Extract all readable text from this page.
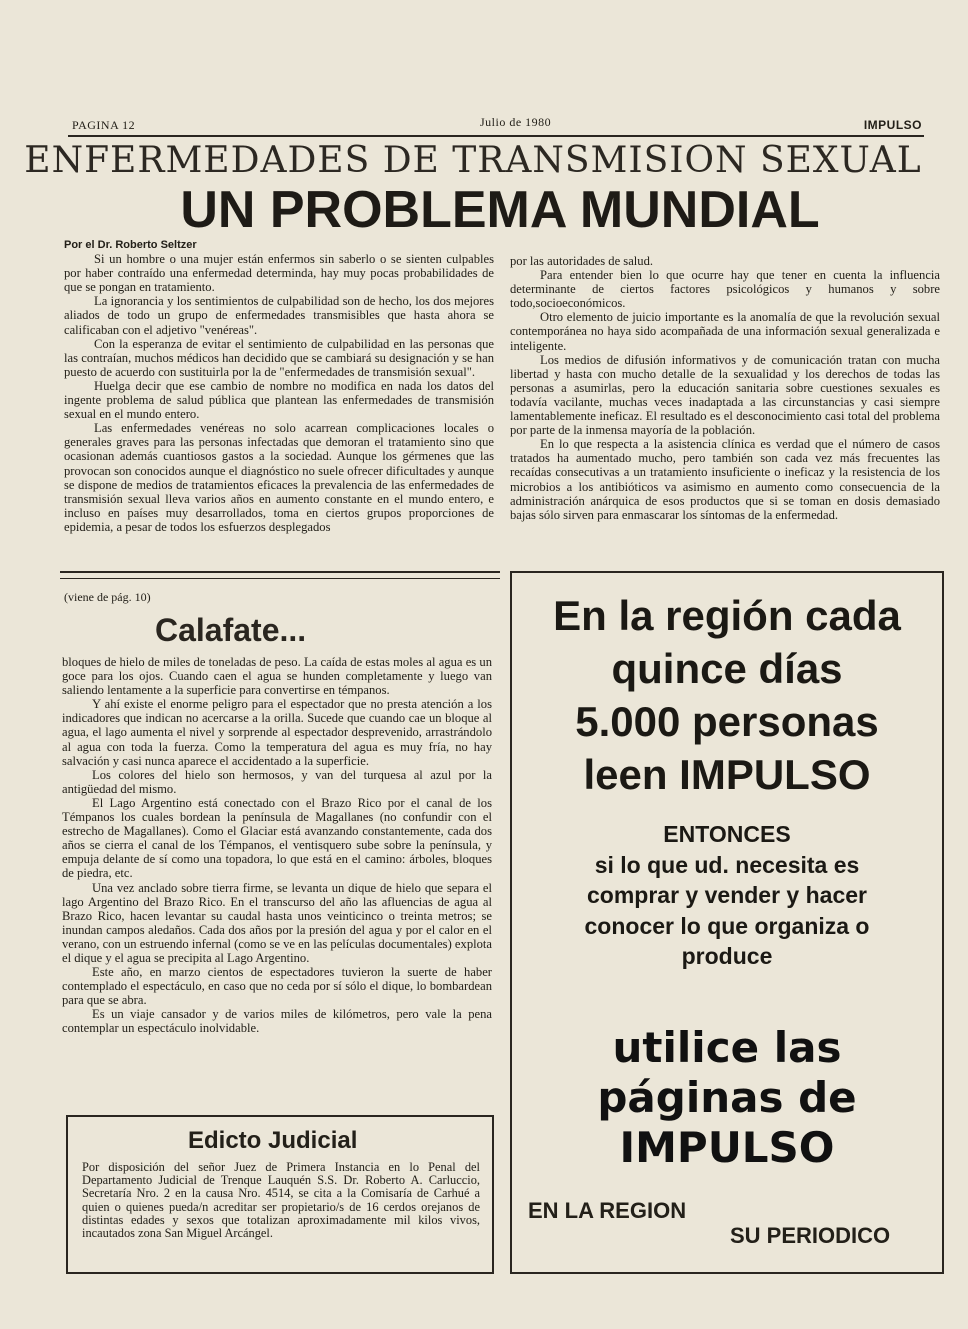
PAGINA 12	Julio de 1980	IMPULSO
ENFERMEDADES DE TRANSMISION SEXUAL
UN PROBLEMA MUNDIAL
Por el Dr. Roberto Seltzer

Si un hombre o una mujer están enfermos sin saberlo o se sienten culpables por haber contraído una enfermedad determinda, hay muy pocas probabilidades de que se pongan en tratamiento.

La ignorancia y los sentimientos de culpabilidad son de hecho, los dos mejores aliados de todo un grupo de enfermedades transmisibles que hasta ahora se calificaban con el adjetivo "venéreas".

Con la esperanza de evitar el sentimiento de culpabilidad en las personas que las contraían, muchos médicos han decidido que se cambiará su designación y se han puesto de acuerdo con sustituirla por la de "enfermedades de transmisión sexual".

Huelga decir que ese cambio de nombre no modifica en nada los datos del ingente problema de salud pública que plantean las enfermedades de transmisión sexual en el mundo entero.

Las enfermedades venéreas no solo acarrean complicaciones locales o generales graves para las personas infectadas que demoran el tratamiento sino que ocasionan además cuantiosos gastos a la sociedad. Aunque los gérmenes que las provocan son conocidos aunque el diagnóstico no suele ofrecer dificultades y aunque se dispone de medios de tratamientos eficaces la prevalencia de las enfermedades de transmisión sexual lleva varios años en aumento constante en el mundo entero, e incluso en países muy desarrollados, toma en ciertos grupos proporciones de epidemia, a pesar de todos los esfuerzos desplegados

por las autoridades de salud.

Para entender bien lo que ocurre hay que tener en cuenta la influencia determinante de ciertos factores psicológicos y humanos y sobre todo,socioeconómicos.

Otro elemento de juicio importante es la anomalía de que la revolución sexual contemporánea no haya sido acompañada de una información sexual generalizada e inteligente.

Los medios de difusión informativos y de comunicación tratan con mucha libertad y hasta con mucho detalle de la sexualidad y los derechos de todas las personas a asumirlas, pero la educación sanitaria sobre cuestiones sexuales es todavía vacilante, muchas veces inadaptada a las circunstancias y casi siempre lamentablemente ineficaz. El resultado es el desconocimiento casi total del problema por parte de la inmensa mayoría de la población.

En lo que respecta a la asistencia clínica es verdad que el número de casos tratados ha aumentado mucho, pero también son cada vez más frecuentes las recaídas consecutivas a un tratamiento insuficiente o ineficaz y la resistencia de los microbios a los antibióticos va asimismo en aumento como consecuencia de la administración anárquica de esos productos que si se toman en dosis demasiado bajas sólo sirven para enmascarar los síntomas de la enfermedad.

(viene de pág. 10)
Calafate...

bloques de hielo de miles de toneladas de peso. La caída de estas moles al agua es un goce para los ojos. Cuando caen el agua se hunden completamente y luego van saliendo lentamente a la superficie para convertirse en témpanos.

Y ahí existe el enorme peligro para el espectador que no presta atención a los indicadores que indican no acercarse a la orilla. Sucede que cuando cae un bloque al agua, el lago aumenta el nivel y sorprende al espectador desprevenido, arrastrándolo al agua con toda la fuerza. Como la temperatura del agua es muy fría, no hay salvación y casi nunca aparece el accidentado a la superficie.

Los colores del hielo son hermosos, y van del turquesa al azul por la antigüedad del mismo.

El Lago Argentino está conectado con el Brazo Rico por el canal de los Témpanos los cuales bordean la península de Magallanes (no confundir con el estrecho de Magallanes). Como el Glaciar está avanzando constantemente, cada dos años se cierra el canal de los Témpanos, el ventisquero sube sobre la península, y empuja delante de sí como una topadora, lo que está en el camino: árboles, bloques de piedra, etc.

Una vez anclado sobre tierra firme, se levanta un dique de hielo que separa el lago Argentino del Brazo Rico. En el transcurso del año las afluencias de agua al Brazo Rico, hacen levantar su caudal hasta unos veinticinco o treinta metros; se inundan campos aledaños. Cada dos años por la presión del agua y por el calor en el verano, con un estruendo infernal (como se ve en las películas documentales) explota el dique y el agua se precipita al Lago Argentino.

Este año, en marzo cientos de espectadores tuvieron la suerte de haber contemplado el espectáculo, en caso que no ceda por sí sólo el dique, lo bombardean para que se abra.

Es un viaje cansador y de varios miles de kilómetros, pero vale la pena contemplar un espectáculo inolvidable.

Edicto Judicial
Por disposición del señor Juez de Primera Instancia en lo Penal del Departamento Judicial de Trenque Lauquén S.S. Dr. Roberto A. Carluccio, Secretaría Nro. 2 en la causa Nro. 4514, se cita a la Comisaría de Carhué a quien o quienes pueda/n acreditar ser propietario/s de 16 cerdos orejanos de distintas edades y sexos que totalizan aproximadamente mil kilos vivos, incautados zona San Miguel Arcángel.
En la región cada
quince días
5.000 personas
leen IMPULSO
ENTONCES
si lo que ud. necesita es
comprar y vender y hacer
conocer lo que organiza o
produce
utilice las
páginas de
IMPULSO
EN LA REGION
SU PERIODICO
